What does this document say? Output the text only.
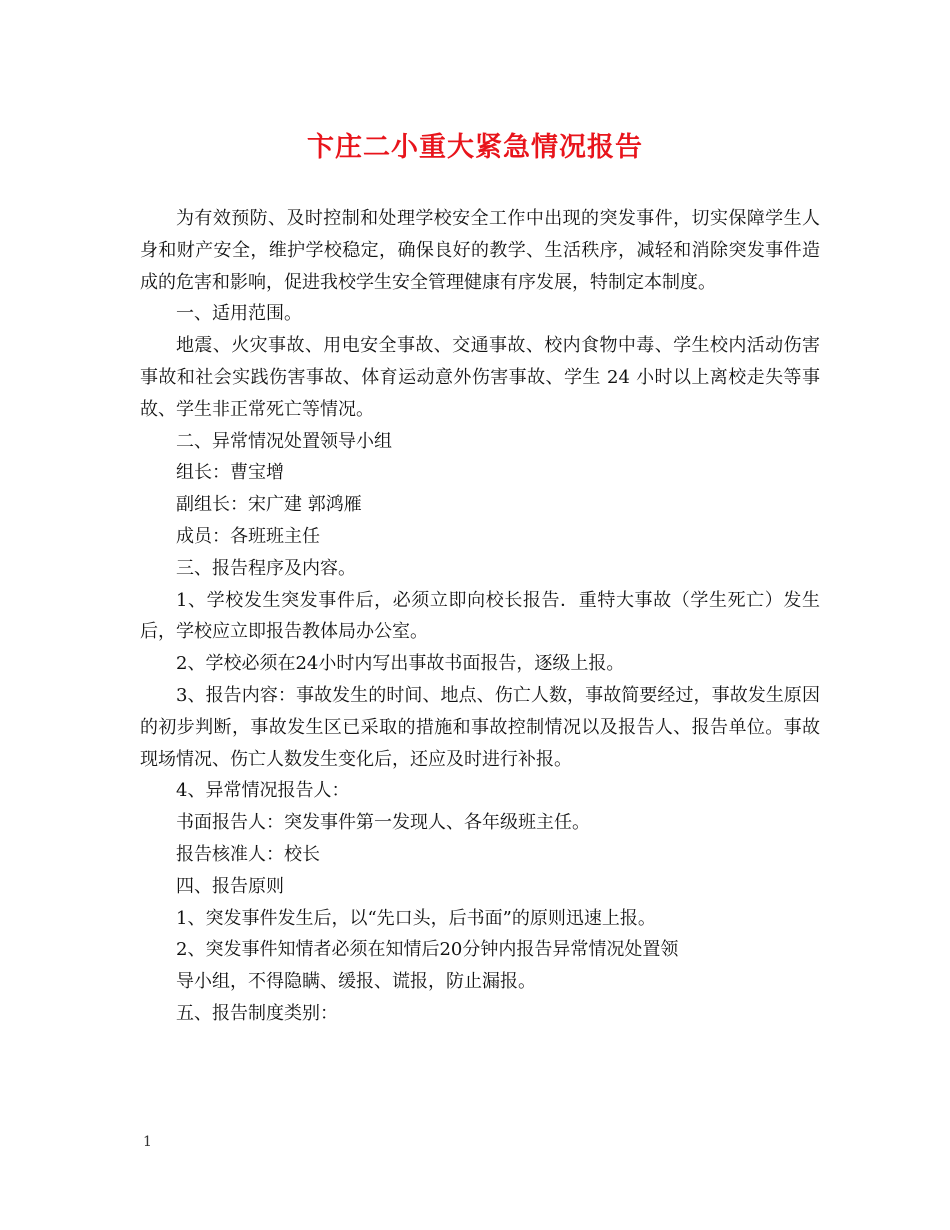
卞庄二小重大紧急情况报告

为有效预防、及时控制和处理学校安全工作中出现的突发事件，切实保障学生人身和财产安全，维护学校稳定，确保良好的教学、生活秩序，减轻和消除突发事件造成的危害和影响，促进我校学生安全管理健康有序发展，特制定本制度。

一、适用范围。

地震、火灾事故、用电安全事故、交通事故、校内食物中毒、学生校内活动伤害事故和社会实践伤害事故、体育运动意外伤害事故、学生 24 小时以上离校走失等事故、学生非正常死亡等情况。

二、异常情况处置领导小组

组长：曹宝增

副组长：宋广建 郭鸿雁

成员：各班班主任

三、报告程序及内容。

1、学校发生突发事件后，必须立即向校长报告．重特大事故（学生死亡）发生后，学校应立即报告教体局办公室。

2、学校必须在24小时内写出事故书面报告，逐级上报。

3、报告内容：事故发生的时间、地点、伤亡人数，事故简要经过，事故发生原因的初步判断，事故发生区已采取的措施和事故控制情况以及报告人、报告单位。事故现场情况、伤亡人数发生变化后，还应及时进行补报。

4、异常情况报告人：

书面报告人：突发事件第一发现人、各年级班主任。

报告核准人：校长

四、报告原则

1、突发事件发生后，以“先口头，后书面”的原则迅速上报。

2、突发事件知情者必须在知情后20分钟内报告异常情况处置领

导小组，不得隐瞒、缓报、谎报，防止漏报。

五、报告制度类别：

1
